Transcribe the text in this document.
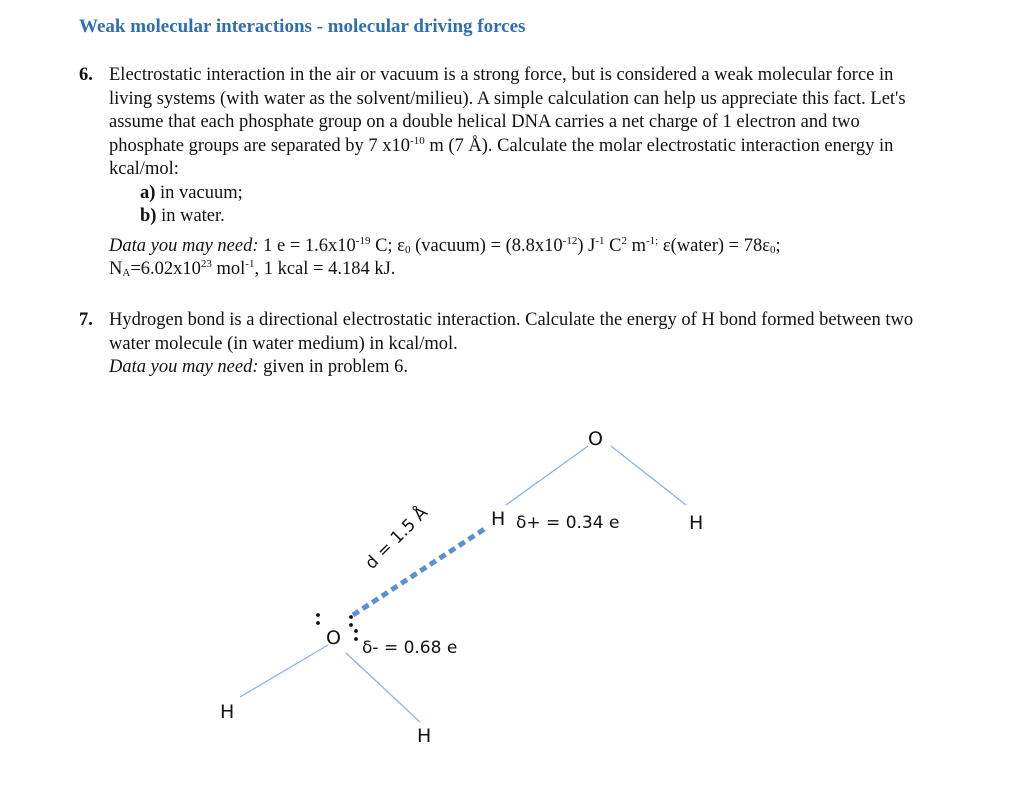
Weak molecular interactions - molecular driving forces
6. Electrostatic interaction in the air or vacuum is a strong force, but is considered a weak molecular force in living systems (with water as the solvent/milieu). A simple calculation can help us appreciate this fact. Let's assume that each phosphate group on a double helical DNA carries a net charge of 1 electron and two phosphate groups are separated by 7 $x10^{-10}$ m (7 Å). Calculate the molar electrostatic interaction energy in kcal/mol:

a) in vacuum;
b) in water.
Data you may need: 1 $e = 1.6x10^{-19}$ C; $\varepsilon_0$ (vacuum) = $(8.8x10^{-12})$ $J^{-1}$ $C^2$ $m^{-1;}$ ε(water) = $78\varepsilon_0$;
$N_A=6.02x10^{23}$ mol$^{-1}$, 1 kcal = 4.184 kJ.
7. Hydrogen bond is a directional electrostatic interaction. Calculate the energy of H bond formed between two water molecule (in water medium) in kcal/mol.

Data you may need: given in problem 6.

O
H δ+ = 0.34 e	H
d = 1.5 Å
O δ- = 0.68 e
H
H
